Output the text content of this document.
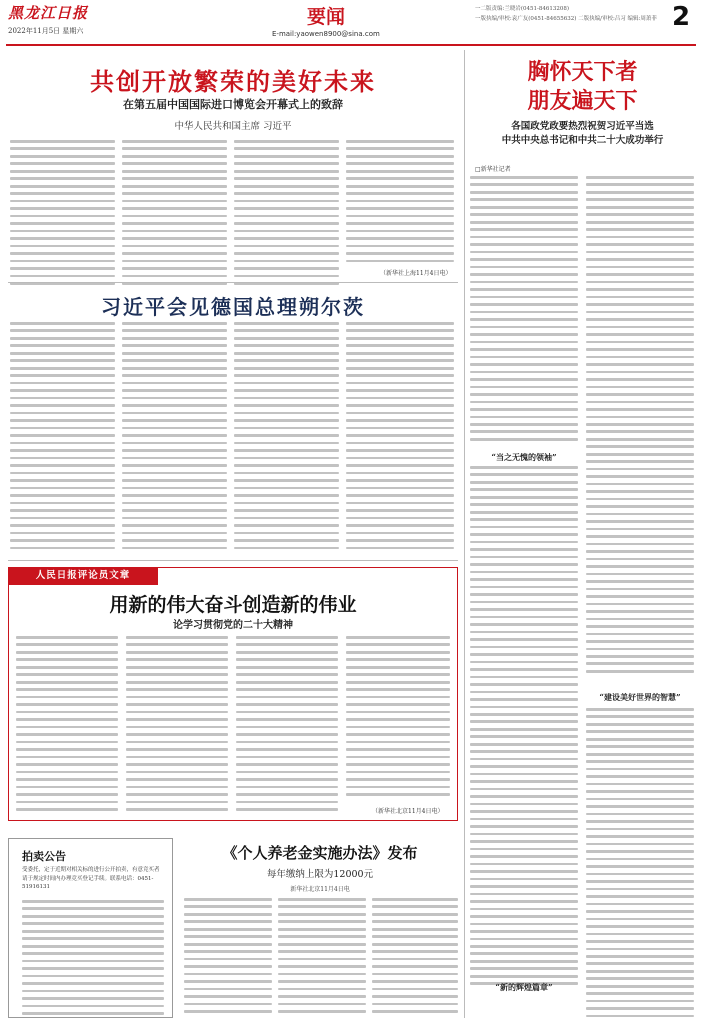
黑龙江日报
2022年11月5日 星期六
要闻
E-mail:yaowen8900@sina.com
一二版责编:兰晓岩(0451-84613208)
一版执编/审校:袁广友(0451-84655632) 二版执编/审校:吕习 编辑:周萧菲 2
共创开放繁荣的美好未来
在第五届中国国际进口博览会开幕式上的致辞
中华人民共和国主席 习近平
（新华社上海11月4日电）
胸怀天下者
朋友遍天下
各国政党政要热烈祝贺习近平当选
中共中央总书记和中共二十大成功举行
□新华社记者
“当之无愧的领袖”
“建设美好世界的智慧”
“新的辉煌篇章”
习近平会见德国总理朔尔茨
人民日报评论员文章
用新的伟大奋斗创造新的伟业
论学习贯彻党的二十大精神
（新华社北京11月4日电）
拍卖公告
受委托，定于近期对相关标的进行公开拍卖，有意竞买者请于规定时间内办理竞买登记手续。联系电话：0451-51916131
《个人养老金实施办法》发布
每年缴纳上限为12000元
新华社北京11月4日电
